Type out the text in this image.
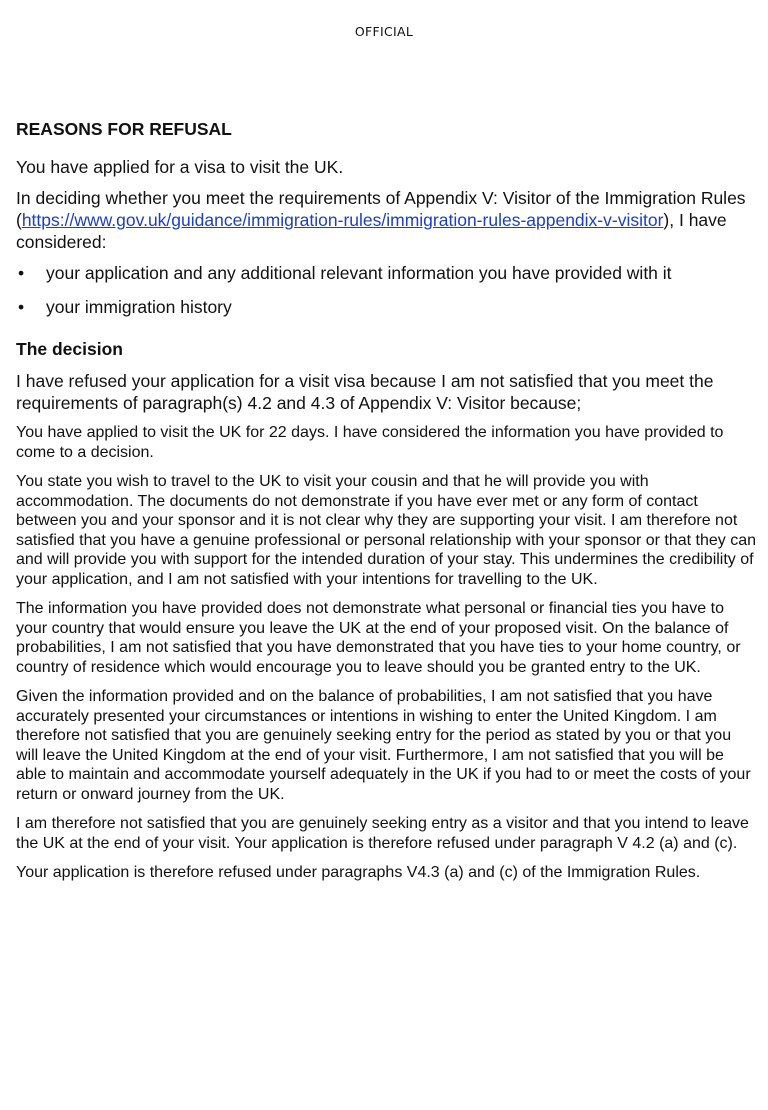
OFFICIAL
REASONS FOR REFUSAL

You have applied for a visa to visit the UK.

In deciding whether you meet the requirements of Appendix V: Visitor of the Immigration Rules (https://www.gov.uk/guidance/immigration-rules/immigration-rules-appendix-v-visitor), I have considered:

• your application and any additional relevant information you have provided with it
• your immigration history
The decision

I have refused your application for a visit visa because I am not satisfied that you meet the requirements of paragraph(s) 4.2 and 4.3 of Appendix V: Visitor because;

You have applied to visit the UK for 22 days. I have considered the information you have provided to come to a decision.

You state you wish to travel to the UK to visit your cousin and that he will provide you with accommodation. The documents do not demonstrate if you have ever met or any form of contact between you and your sponsor and it is not clear why they are supporting your visit. I am therefore not satisfied that you have a genuine professional or personal relationship with your sponsor or that they can and will provide you with support for the intended duration of your stay. This undermines the credibility of your application, and I am not satisfied with your intentions for travelling to the UK.

The information you have provided does not demonstrate what personal or financial ties you have to your country that would ensure you leave the UK at the end of your proposed visit. On the balance of probabilities, I am not satisfied that you have demonstrated that you have ties to your home country, or country of residence which would encourage you to leave should you be granted entry to the UK.

Given the information provided and on the balance of probabilities, I am not satisfied that you have accurately presented your circumstances or intentions in wishing to enter the United Kingdom. I am therefore not satisfied that you are genuinely seeking entry for the period as stated by you or that you will leave the United Kingdom at the end of your visit. Furthermore, I am not satisfied that you will be able to maintain and accommodate yourself adequately in the UK if you had to or meet the costs of your return or onward journey from the UK.

I am therefore not satisfied that you are genuinely seeking entry as a visitor and that you intend to leave the UK at the end of your visit. Your application is therefore refused under paragraph V 4.2 (a) and (c).

Your application is therefore refused under paragraphs V4.3 (a) and (c) of the Immigration Rules.
